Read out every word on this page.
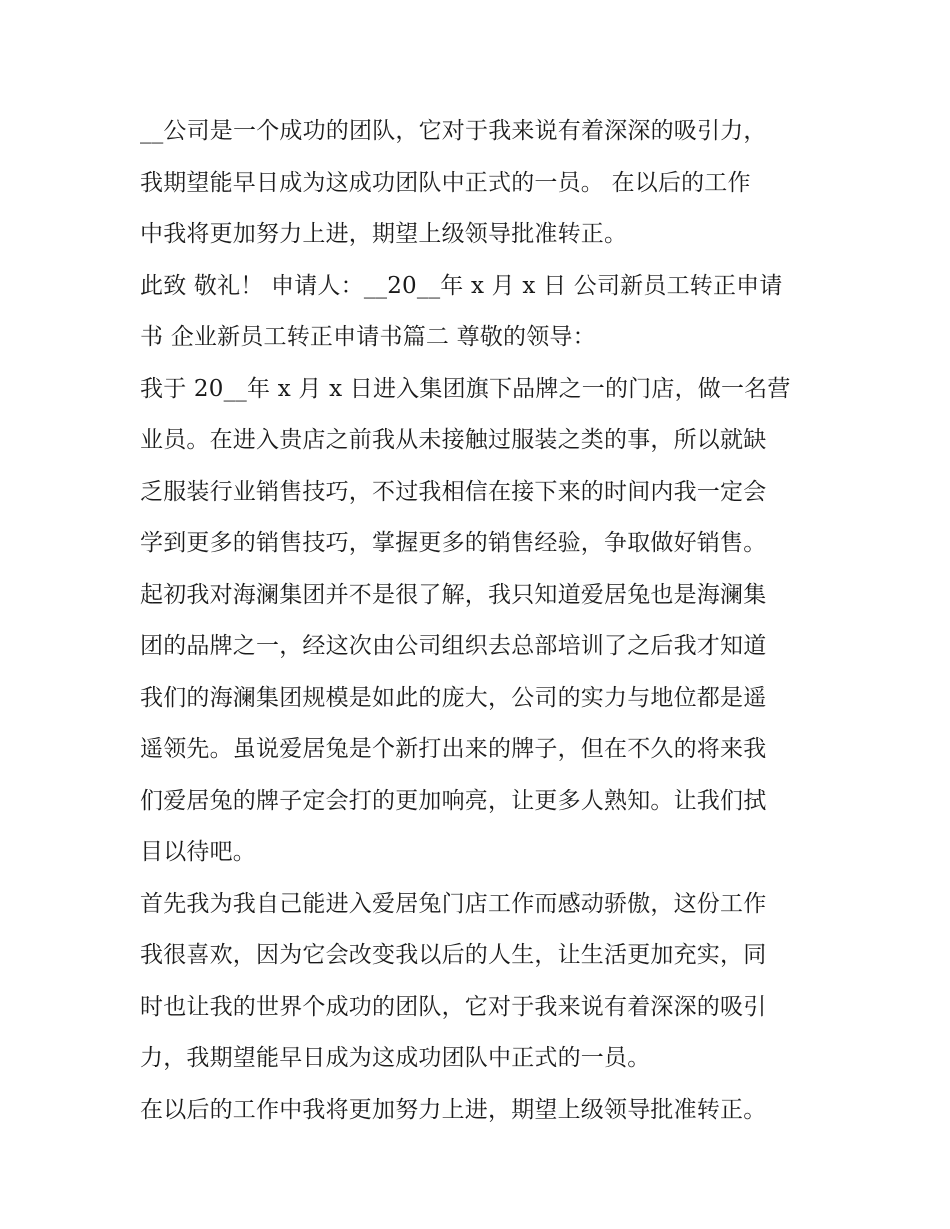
__公司是一个成功的团队，它对于我来说有着深深的吸引力，
我期望能早日成为这成功团队中正式的一员。 在以后的工作
中我将更加努力上进，期望上级领导批准转正。
此致 敬礼！ 申请人：__20__年 x 月 x 日 公司新员工转正申请
书 企业新员工转正申请书篇二 尊敬的领导：
我于 20__年 x 月 x 日进入集团旗下品牌之一的门店，做一名营
业员。在进入贵店之前我从未接触过服装之类的事，所以就缺
乏服装行业销售技巧，不过我相信在接下来的时间内我一定会
学到更多的销售技巧，掌握更多的销售经验，争取做好销售。
起初我对海澜集团并不是很了解，我只知道爱居兔也是海澜集
团的品牌之一，经这次由公司组织去总部培训了之后我才知道
我们的海澜集团规模是如此的庞大，公司的实力与地位都是遥
遥领先。虽说爱居兔是个新打出来的牌子，但在不久的将来我
们爱居兔的牌子定会打的更加响亮，让更多人熟知。让我们拭
目以待吧。
首先我为我自己能进入爱居兔门店工作而感动骄傲，这份工作
我很喜欢，因为它会改变我以后的人生，让生活更加充实，同
时也让我的世界个成功的团队，它对于我来说有着深深的吸引
力，我期望能早日成为这成功团队中正式的一员。
在以后的工作中我将更加努力上进，期望上级领导批准转正。
